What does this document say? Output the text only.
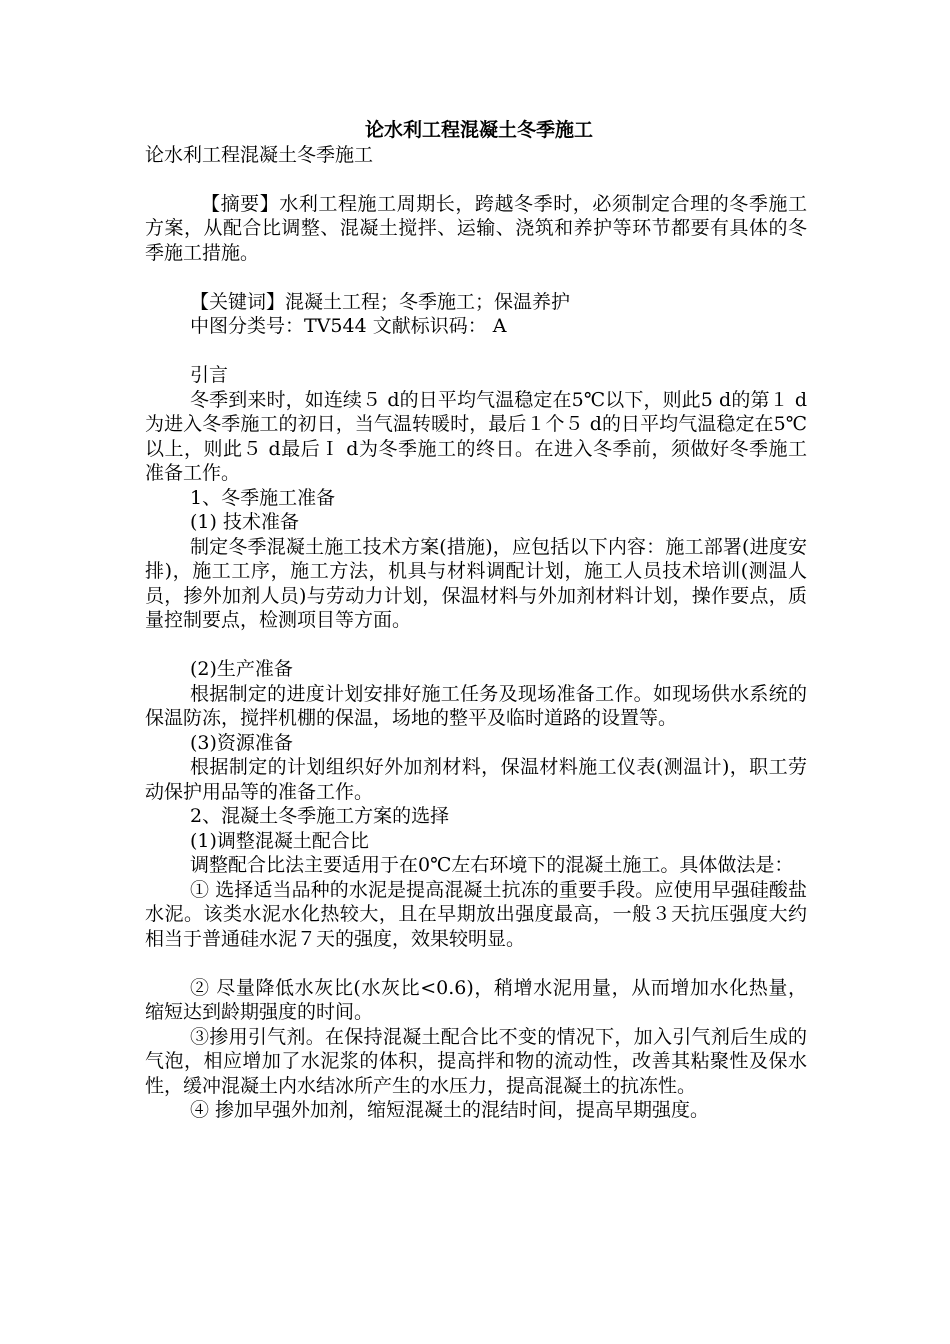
论水利工程混凝土冬季施工

论水利工程混凝土冬季施工

【摘要】水利工程施工周期长，跨越冬季时，必须制定合理的冬季施工方案，从配合比调整、混凝土搅拌、运输、浇筑和养护等环节都要有具体的冬季施工措施。

【关键词】混凝土工程；冬季施工；保温养护

中图分类号：TV544 文献标识码： A

引言

冬季到来时，如连续５ d的日平均气温稳定在5℃以下，则此5 d的第１ d为进入冬季施工的初日，当气温转暖时，最后１个５ d的日平均气温稳定在5℃以上，则此５ d最后Ｉ d为冬季施工的终日。在进入冬季前，须做好冬季施工准备工作。

1、冬季施工准备

(1) 技术准备

制定冬季混凝土施工技术方案(措施)，应包括以下内容：施工部署(进度安排)，施工工序，施工方法，机具与材料调配计划，施工人员技术培训(测温人员，掺外加剂人员)与劳动力计划，保温材料与外加剂材料计划，操作要点，质量控制要点，检测项目等方面。

(2)生产准备

根据制定的进度计划安排好施工任务及现场准备工作。如现场供水系统的保温防冻，搅拌机棚的保温，场地的整平及临时道路的设置等。

(3)资源准备

根据制定的计划组织好外加剂材料，保温材料施工仪表(测温计)，职工劳动保护用品等的准备工作。

2、混凝土冬季施工方案的选择

(1)调整混凝土配合比

调整配合比法主要适用于在0℃左右环境下的混凝土施工。具体做法是：

① 选择适当品种的水泥是提高混凝土抗冻的重要手段。应使用早强硅酸盐水泥。该类水泥水化热较大，且在早期放出强度最高，一般３天抗压强度大约相当于普通硅水泥７天的强度，效果较明显。

② 尽量降低水灰比(水灰比<0.6)，稍增水泥用量，从而增加水化热量，缩短达到龄期强度的时间。

③掺用引气剂。在保持混凝土配合比不变的情况下，加入引气剂后生成的气泡，相应增加了水泥浆的体积，提高拌和物的流动性，改善其粘聚性及保水性，缓冲混凝土内水结冰所产生的水压力，提高混凝土的抗冻性。

④ 掺加早强外加剂，缩短混凝土的混结时间，提高早期强度。
